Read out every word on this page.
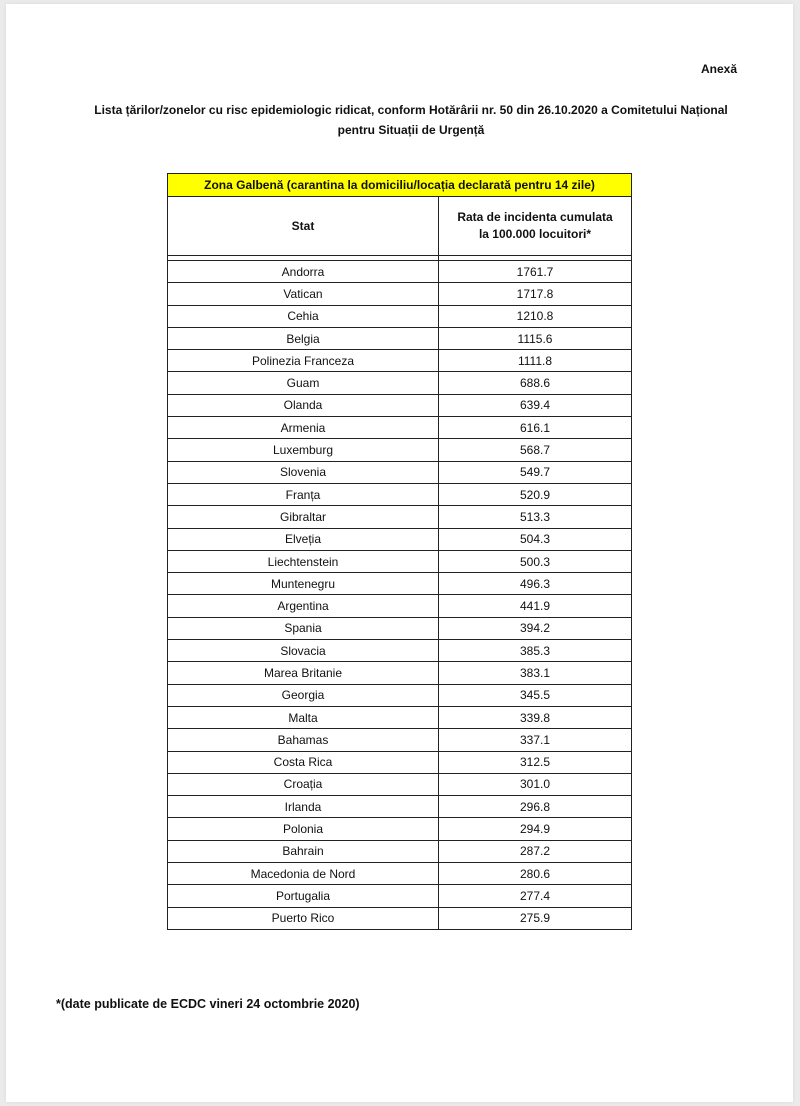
Anexă
Lista țărilor/zonelor cu risc epidemiologic ridicat, conform Hotărârii nr. 50 din 26.10.2020 a Comitetului Național
pentru Situații de Urgență
Zona Galbenă (carantina la domiciliu/locația declarată pentru 14 zile)	
Stat	Rata de incidenta cumulata
la 100.000 locuitori*

Andorra	1761.7
Vatican	1717.8
Cehia	1210.8
Belgia	1115.6
Polinezia Franceza	1111.8
Guam	688.6
Olanda	639.4
Armenia	616.1
Luxemburg	568.7
Slovenia	549.7
Franța	520.9
Gibraltar	513.3
Elveția	504.3
Liechtenstein	500.3
Muntenegru	496.3
Argentina	441.9
Spania	394.2
Slovacia	385.3
Marea Britanie	383.1
Georgia	345.5
Malta	339.8
Bahamas	337.1
Costa Rica	312.5
Croația	301.0
Irlanda	296.8
Polonia	294.9
Bahrain	287.2
Macedonia de Nord	280.6
Portugalia	277.4
Puerto Rico	275.9
*(date publicate de ECDC vineri 24 octombrie 2020)
